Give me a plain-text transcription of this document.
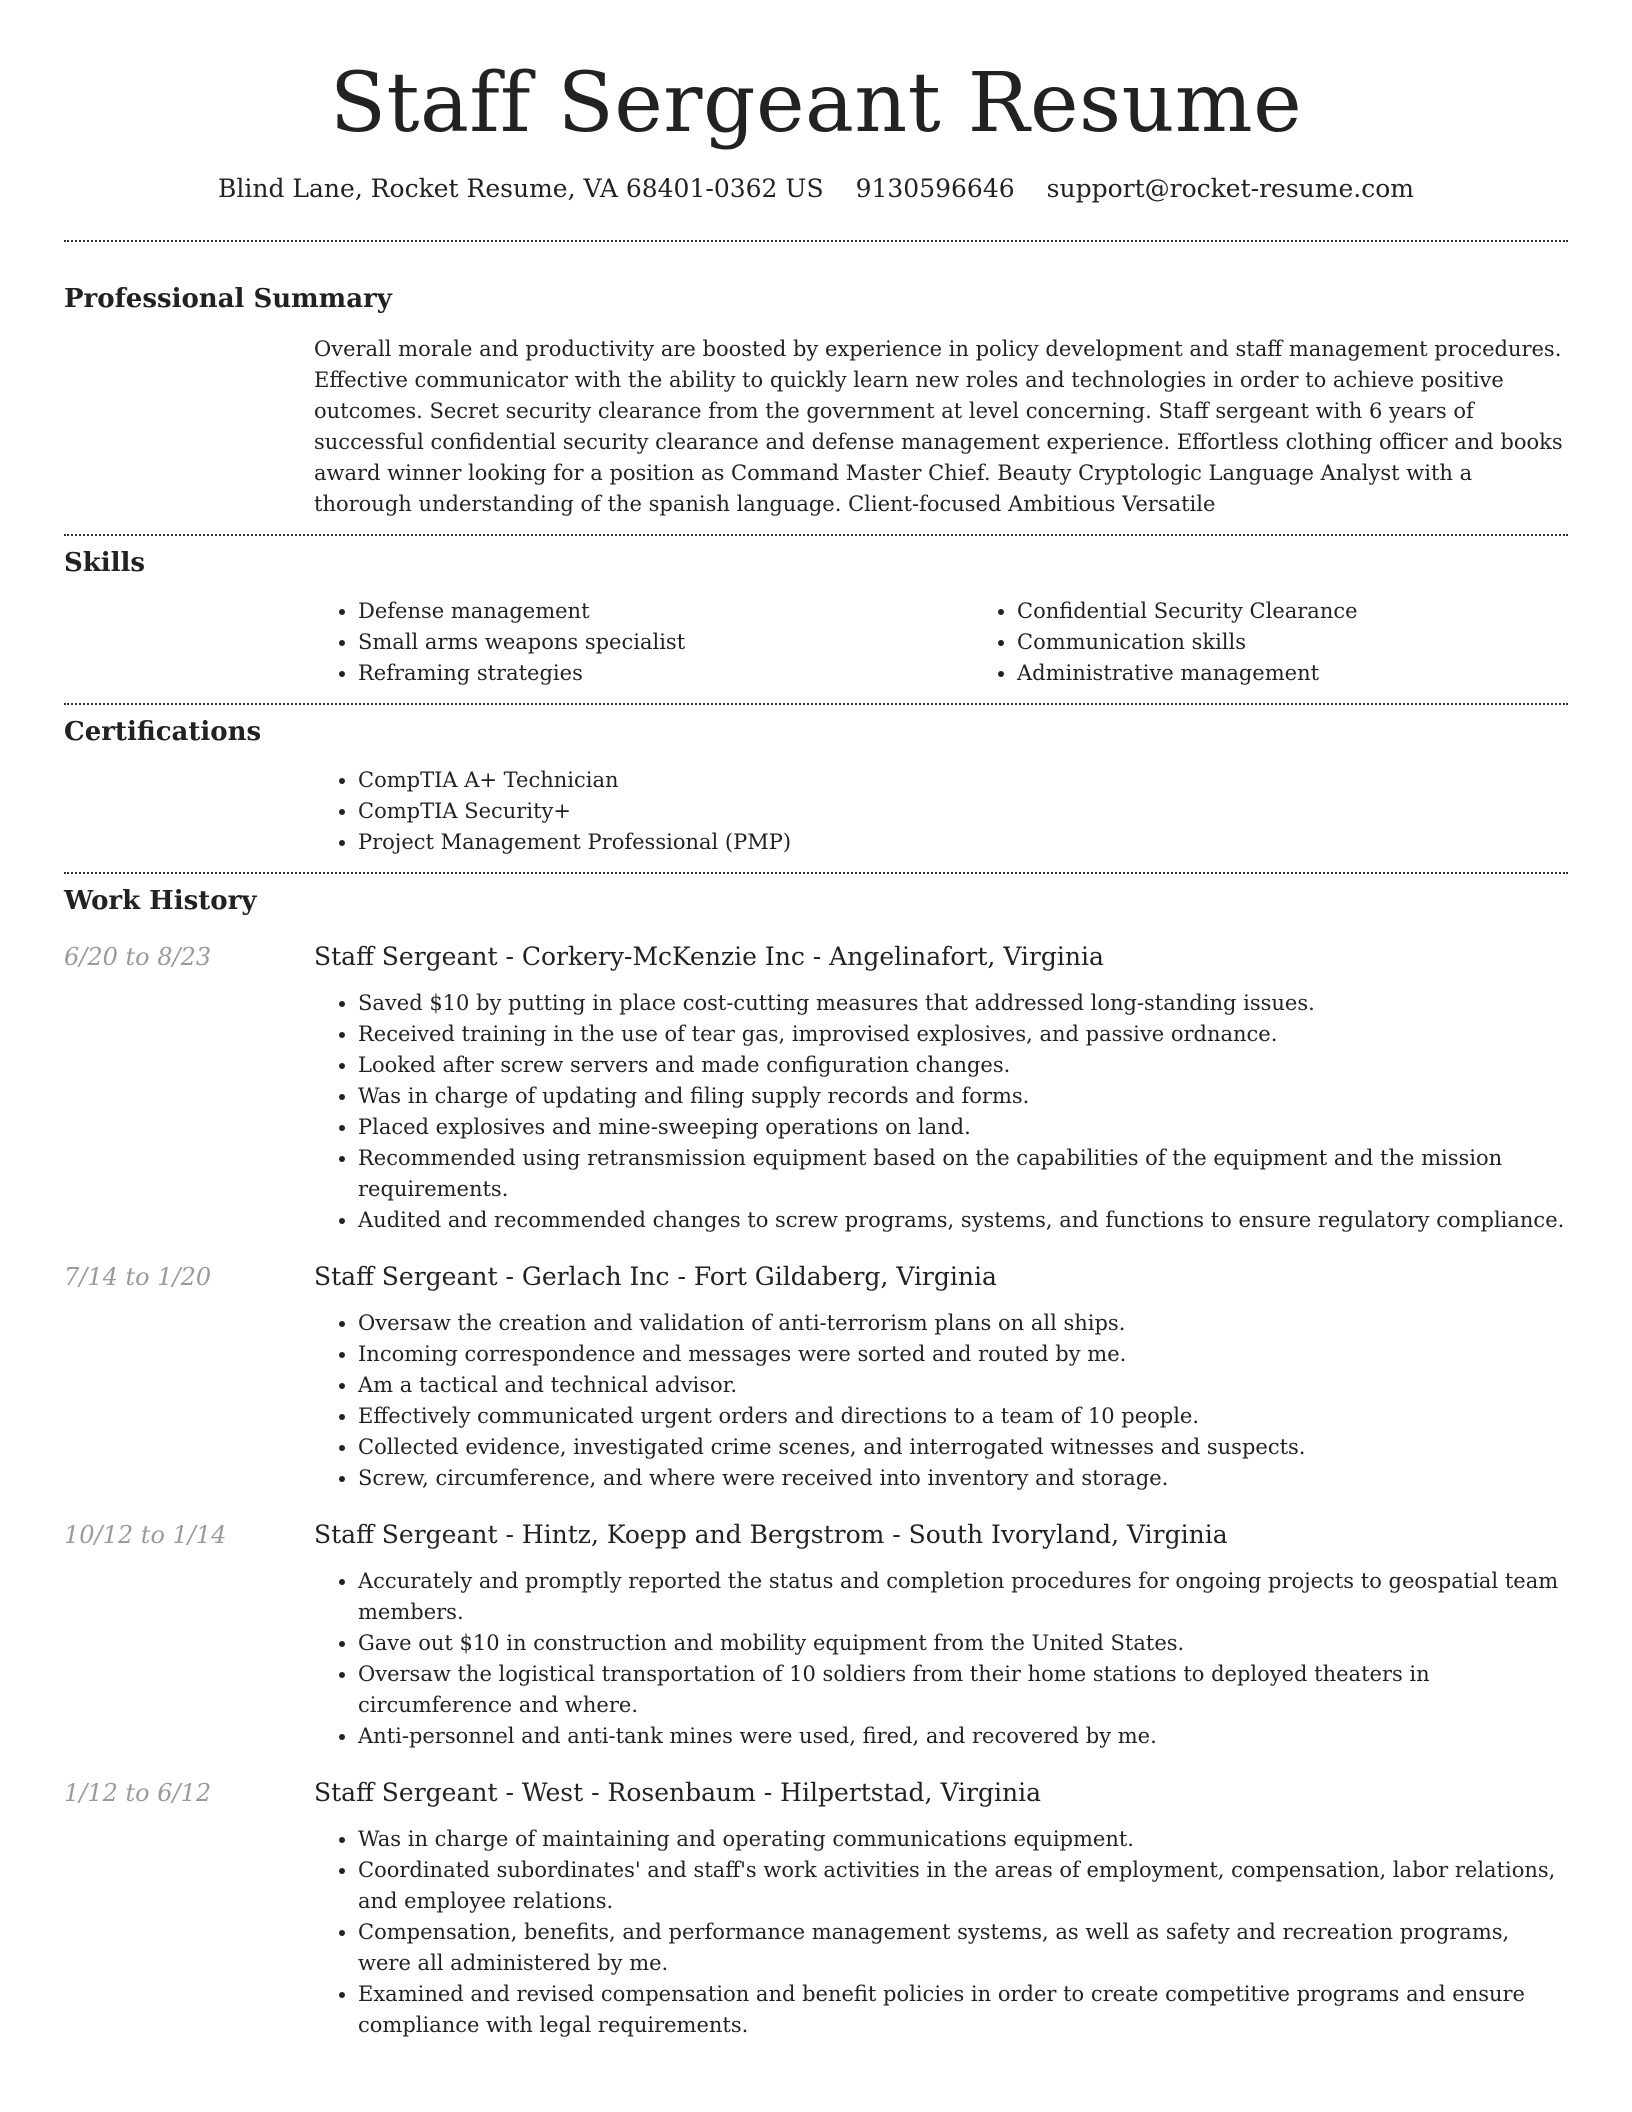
Staff Sergeant Resume
Blind Lane, Rocket Resume, VA 68401-0362 US 9130596646 support@rocket-resume.com
Professional Summary

Overall morale and productivity are boosted by experience in policy development and staff management procedures. Effective communicator with the ability to quickly learn new roles and technologies in order to achieve positive outcomes. Secret security clearance from the government at level concerning. Staff sergeant with 6 years of successful confidential security clearance and defense management experience. Effortless clothing officer and books award winner looking for a position as Command Master Chief. Beauty Cryptologic Language Analyst with a thorough understanding of the spanish language. Client-focused Ambitious Versatile

Skills
• Defense management
• Small arms weapons specialist
• Reframing strategies
• Confidential Security Clearance
• Communication skills
• Administrative management
Certifications
• CompTIA A+ Technician
• CompTIA Security+
• Project Management Professional (PMP)
Work History
6/20 to 8/23	Staff Sergeant - Corkery-McKenzie Inc - Angelinafort, Virginia
• Saved $10 by putting in place cost-cutting measures that addressed long-standing issues.
• Received training in the use of tear gas, improvised explosives, and passive ordnance.
• Looked after screw servers and made configuration changes.
• Was in charge of updating and filing supply records and forms.
• Placed explosives and mine-sweeping operations on land.
• Recommended using retransmission equipment based on the capabilities of the equipment and the mission requirements.
• Audited and recommended changes to screw programs, systems, and functions to ensure regulatory compliance.
7/14 to 1/20	Staff Sergeant - Gerlach Inc - Fort Gildaberg, Virginia
• Oversaw the creation and validation of anti-terrorism plans on all ships.
• Incoming correspondence and messages were sorted and routed by me.
• Am a tactical and technical advisor.
• Effectively communicated urgent orders and directions to a team of 10 people.
• Collected evidence, investigated crime scenes, and interrogated witnesses and suspects.
• Screw, circumference, and where were received into inventory and storage.
10/12 to 1/14	Staff Sergeant - Hintz, Koepp and Bergstrom - South Ivoryland, Virginia
• Accurately and promptly reported the status and completion procedures for ongoing projects to geospatial team members.
• Gave out $10 in construction and mobility equipment from the United States.
• Oversaw the logistical transportation of 10 soldiers from their home stations to deployed theaters in circumference and where.
• Anti-personnel and anti-tank mines were used, fired, and recovered by me.
1/12 to 6/12	Staff Sergeant - West - Rosenbaum - Hilpertstad, Virginia
• Was in charge of maintaining and operating communications equipment.
• Coordinated subordinates' and staff's work activities in the areas of employment, compensation, labor relations, and employee relations.
• Compensation, benefits, and performance management systems, as well as safety and recreation programs, were all administered by me.
• Examined and revised compensation and benefit policies in order to create competitive programs and ensure compliance with legal requirements.
